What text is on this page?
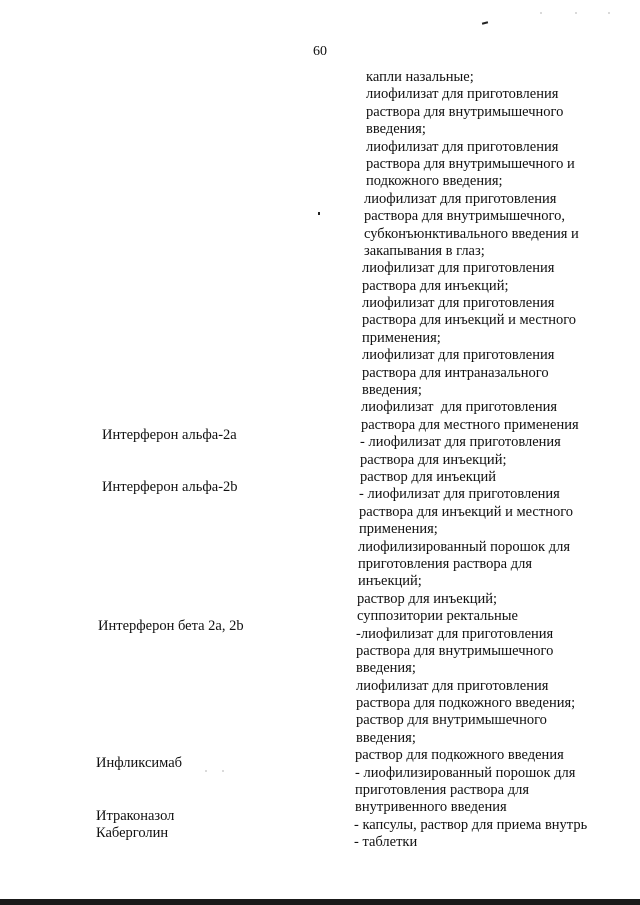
60
Интерферон альфа-2а
Интерферон альфа-2b
Интерферон бета 2а, 2b
Инфликсимаб
Итраконазол
Каберголин
капли назальные;
лиофилизат для приготовления
раствора для внутримышечного
введения;
лиофилизат для приготовления
раствора для внутримышечного и
подкожного введения;
лиофилизат для приготовления
раствора для внутримышечного,
субконъюнктивального введения и
закапывания в глаз;
лиофилизат для приготовления
раствора для инъекций;
лиофилизат для приготовления
раствора для инъекций и местного
применения;
лиофилизат для приготовления
раствора для интраназального
введения;
лиофилизат  для приготовления
раствора для местного применения
- лиофилизат для приготовления
раствора для инъекций;
раствор для инъекций
- лиофилизат для приготовления
раствора для инъекций и местного
применения;
лиофилизированный порошок для
приготовления раствора для
инъекций;
раствор для инъекций;
суппозитории ректальные
-лиофилизат для приготовления
раствора для внутримышечного
введения;
лиофилизат для приготовления
раствора для подкожного введения;
раствор для внутримышечного
введения;
раствор для подкожного введения
- лиофилизированный порошок для
приготовления раствора для
внутривенного введения
- капсулы, раствор для приема внутрь
- таблетки
